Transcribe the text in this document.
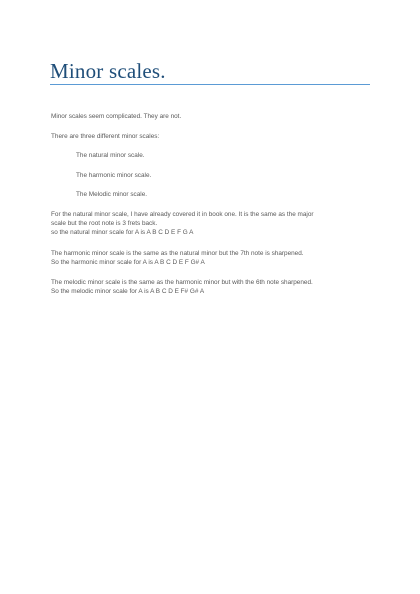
Minor scales.
Minor scales seem complicated. They are not.
There are three different minor scales:
The natural minor scale.
The harmonic minor scale.
The Melodic minor scale.
For the natural minor scale, I have already covered it in book one. It is the same as the major
scale but the root note is 3 frets back.
so the natural minor scale for A is A B C D E F G A
The harmonic minor scale is the same as the natural minor but the 7th note is sharpened.
So the harmonic minor scale for A is A B C D E F G# A
The melodic minor scale is the same as the harmonic minor but with the 6th note sharpened.
So the melodic minor scale for A is A B C D E F# G# A
